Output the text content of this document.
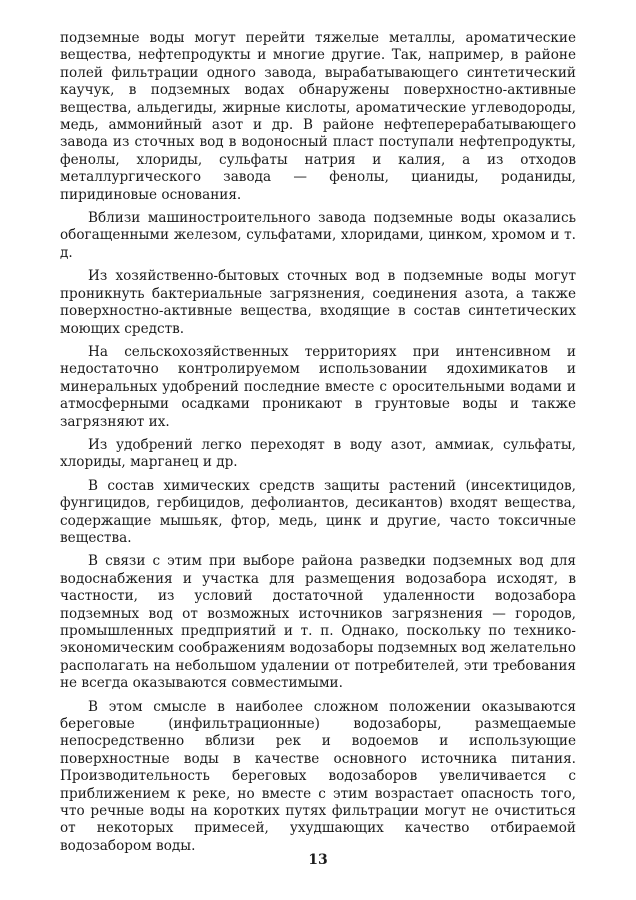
подземные воды могут перейти тяжелые металлы, ароматические вещества, нефтепродукты и многие другие. Так, например, в районе полей фильтрации одного завода, вырабатывающего синтетический каучук, в подземных водах обнаружены поверхностно-активные вещества, альдегиды, жирные кислоты, ароматические углеводороды, медь, аммонийный азот и др. В районе нефтеперерабатывающего завода из сточных вод в водоносный пласт поступали нефтепродукты, фенолы, хлориды, сульфаты натрия и калия, а из отходов металлургического завода — фенолы, цианиды, роданиды, пиридиновые основания.

Вблизи машиностроительного завода подземные воды оказались обогащенными железом, сульфатами, хлоридами, цинком, хромом и т. д.

Из хозяйственно-бытовых сточных вод в подземные воды могут проникнуть бактериальные загрязнения, соединения азота, а также поверхностно-активные вещества, входящие в состав синтетических моющих средств.

На сельскохозяйственных территориях при интенсивном и недостаточно контролируемом использовании ядохимикатов и минеральных удобрений последние вместе с оросительными водами и атмосферными осадками проникают в грунтовые воды и также загрязняют их.

Из удобрений легко переходят в воду азот, аммиак, сульфаты, хлориды, марганец и др.

В состав химических средств защиты растений (инсектицидов, фунгицидов, гербицидов, дефолиантов, десикантов) входят вещества, содержащие мышьяк, фтор, медь, цинк и другие, часто токсичные вещества.

В связи с этим при выборе района разведки подземных вод для водоснабжения и участка для размещения водозабора исходят, в частности, из условий достаточной удаленности водозабора подземных вод от возможных источников загрязнения — городов, промышленных предприятий и т. п. Однако, поскольку по технико-экономическим соображениям водозаборы подземных вод желательно располагать на небольшом удалении от потребителей, эти требования не всегда оказываются совместимыми.

В этом смысле в наиболее сложном положении оказываются береговые (инфильтрационные) водозаборы, размещаемые непосредственно вблизи рек и водоемов и использующие поверхностные воды в качестве основного источника питания. Производительность береговых водозаборов увеличивается с приближением к реке, но вместе с этим возрастает опасность того, что речные воды на коротких путях фильтрации могут не очиститься от некоторых примесей, ухудшающих качество отбираемой водозабором воды.

13
